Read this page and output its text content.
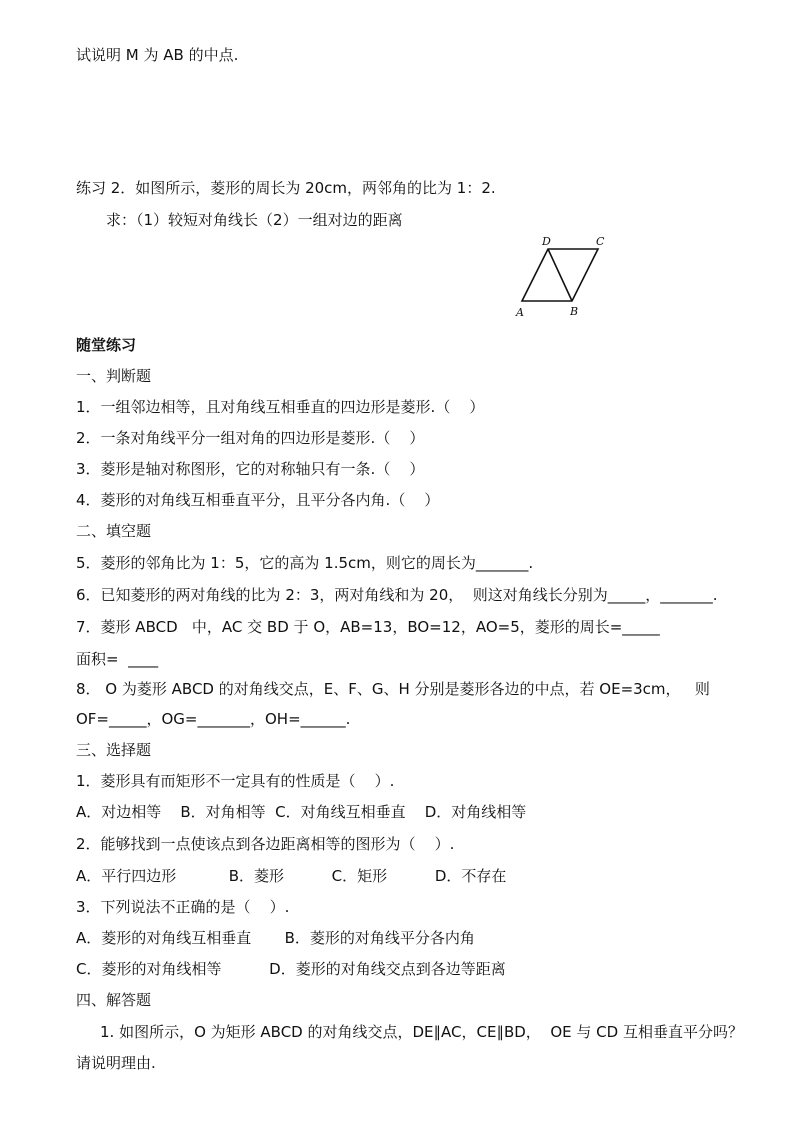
试说明 M 为 AB 的中点.
练习 2．如图所示，菱形的周长为 20cm，两邻角的比为 1：2.
求：（1）较短对角线长（2）一组对边的距离
D	C
A	B
随堂练习
一、判断题
1．一组邻边相等，且对角线互相垂直的四边形是菱形.（    ）
2．一条对角线平分一组对角的四边形是菱形.（    ）
3．菱形是轴对称图形，它的对称轴只有一条.（    ）
4．菱形的对角线互相垂直平分，且平分各内角.（    ）
二、填空题
5．菱形的邻角比为 1：5，它的高为 1.5cm，则它的周长为_______.
6．已知菱形的两对角线的比为 2：3，两对角线和为 20，  则这对角线长分别为_____，_______.
7．菱形 ABCD   中，AC 交 BD 于 O，AB=13，BO=12，AO=5，菱形的周长=_____
面积=  ____
8． O 为菱形 ABCD 的对角线交点，E、F、G、H 分别是菱形各边的中点，若 OE=3cm，   则
OF=_____，OG=_______，OH=______.
三、选择题
1．菱形具有而矩形不一定具有的性质是（    ）.
A．对边相等    B．对角相等  C．对角线互相垂直    D．对角线相等
2．能够找到一点使该点到各边距离相等的图形为（    ）.
A．平行四边形           B．菱形          C．矩形          D．不存在
3．下列说法不正确的是（    ）.
A．菱形的对角线互相垂直       B．菱形的对角线平分各内角
C．菱形的对角线相等          D．菱形的对角线交点到各边等距离
四、解答题
1. 如图所示，O 为矩形 ABCD 的对角线交点，DE∥AC，CE∥BD，  OE 与 CD 互相垂直平分吗？
请说明理由.
